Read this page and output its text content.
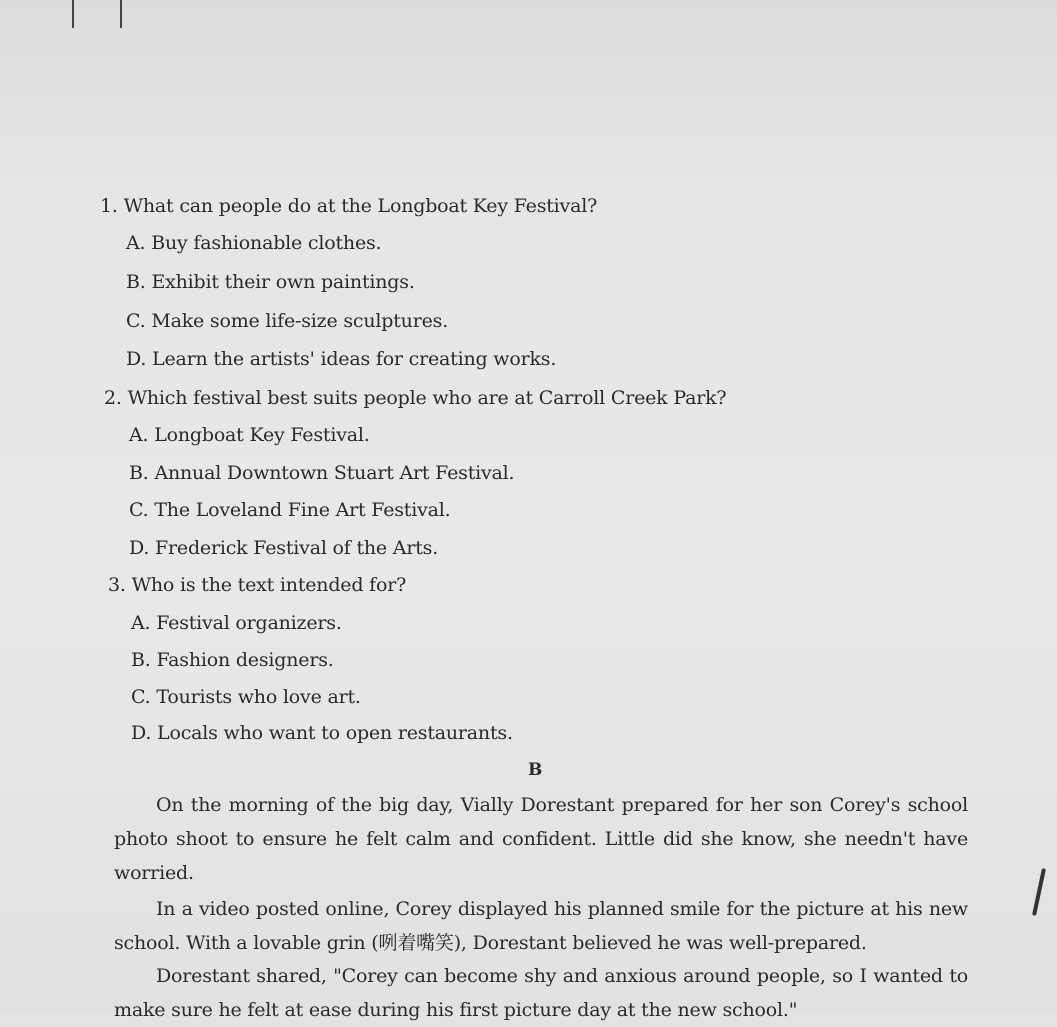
1. What can people do at the Longboat Key Festival?
A. Buy fashionable clothes.
B. Exhibit their own paintings.
C. Make some life-size sculptures.
D. Learn the artists' ideas for creating works.
2. Which festival best suits people who are at Carroll Creek Park?
A. Longboat Key Festival.
B. Annual Downtown Stuart Art Festival.
C. The Loveland Fine Art Festival.
D. Frederick Festival of the Arts.
3. Who is the text intended for?
A. Festival organizers.
B. Fashion designers.
C. Tourists who love art.
D. Locals who want to open restaurants.
B
On the morning of the big day, Vially Dorestant prepared for her son Corey's school photo shoot to ensure he felt calm and confident. Little did she know, she needn't have worried.
In a video posted online, Corey displayed his planned smile for the picture at his new school. With a lovable grin (咧着嘴笑), Dorestant believed he was well-prepared.
Dorestant shared, "Corey can become shy and anxious around people, so I wanted to make sure he felt at ease during his first picture day at the new school."
